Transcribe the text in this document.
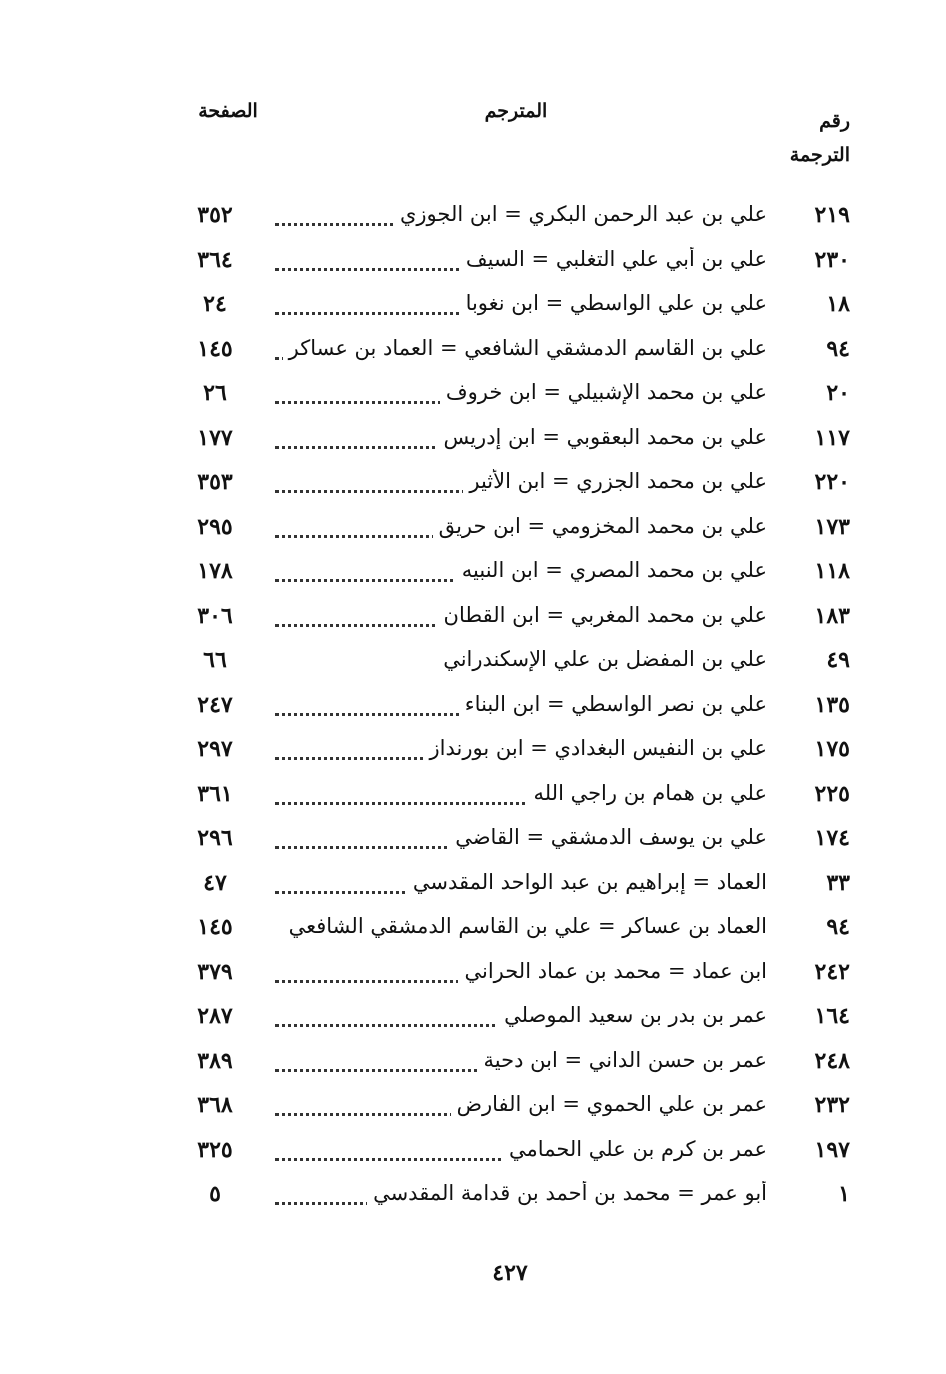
رقم الترجمة
المترجم
الصفحة
٢١٩
علي بن عبد الرحمن البكري = ابن الجوزي
٣٥٢
٢٣٠
علي بن أبي علي التغلبي = السيف
٣٦٤
١٨
علي بن علي الواسطي = ابن نغوبا
٢٤
٩٤
علي بن القاسم الدمشقي الشافعي = العماد بن عساكر
١٤٥
٢٠
علي بن محمد الإشبيلي = ابن خروف
٢٦
١١٧
علي بن محمد البعقوبي = ابن إدريس
١٧٧
٢٢٠
علي بن محمد الجزري = ابن الأثير
٣٥٣
١٧٣
علي بن محمد المخزومي = ابن حريق
٢٩٥
١١٨
علي بن محمد المصري = ابن النبيه
١٧٨
١٨٣
علي بن محمد المغربي = ابن القطان
٣٠٦
٤٩
علي بن المفضل بن علي الإسكندراني
٦٦
١٣٥
علي بن نصر الواسطي = ابن البناء
٢٤٧
١٧٥
علي بن النفيس البغدادي = ابن بورنداز
٢٩٧
٢٢٥
علي بن همام بن راجي الله
٣٦١
١٧٤
علي بن يوسف الدمشقي = القاضي
٢٩٦
٣٣
العماد = إبراهيم بن عبد الواحد المقدسي
٤٧
٩٤
العماد بن عساكر = علي بن القاسم الدمشقي الشافعي
١٤٥
٢٤٢
ابن عماد = محمد بن عماد الحراني
٣٧٩
١٦٤
عمر بن بدر بن سعيد الموصلي
٢٨٧
٢٤٨
عمر بن حسن الداني = ابن دحية
٣٨٩
٢٣٢
عمر بن علي الحموي = ابن الفارض
٣٦٨
١٩٧
عمر بن كرم بن علي الحمامي
٣٢٥
١
أبو عمر = محمد بن أحمد بن قدامة المقدسي
٥
٤٢٧
